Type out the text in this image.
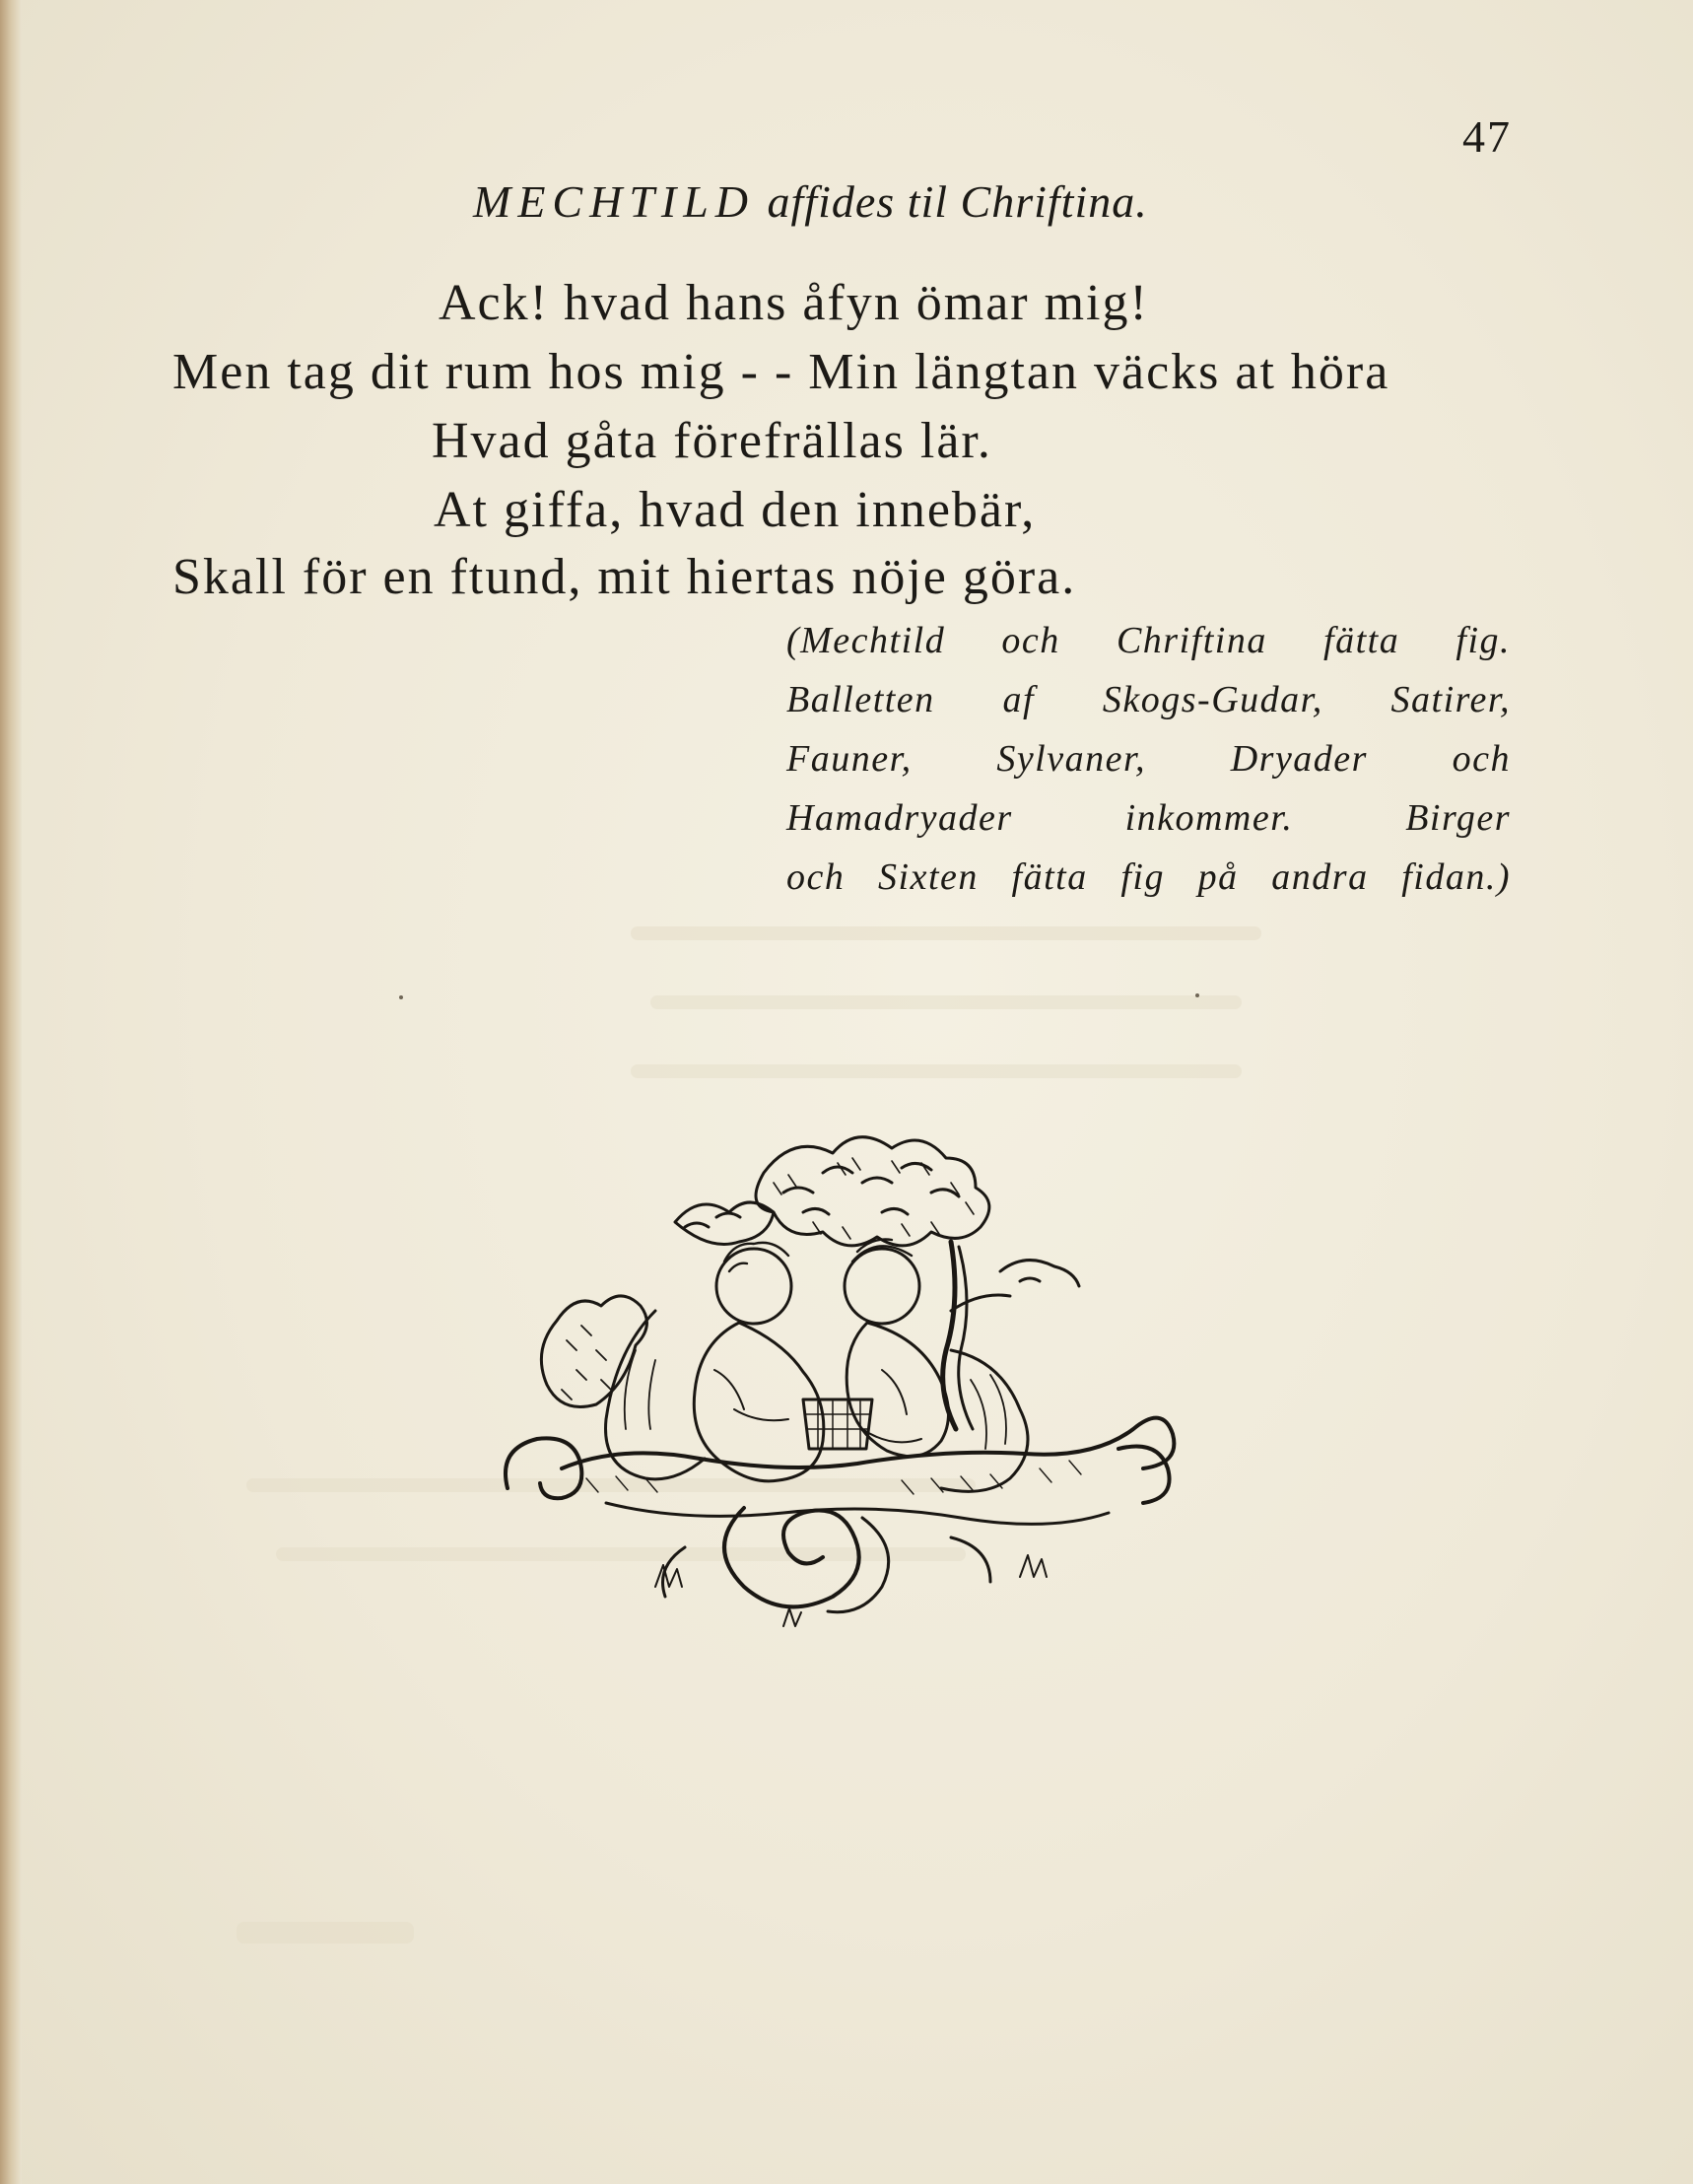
47
MECHTILD affides til Chriftina.
Ack! hvad hans åfyn ömar mig!
Men tag dit rum hos mig - - Min längtan väcks at höra
Hvad gåta förefrällas lär.
At giffa, hvad den innebär,
Skall för en ftund, mit hiertas nöje göra.
(Mechtild och Chriftina fätta fig.
Balletten af Skogs-Gudar, Satirer,
Fauner, Sylvaner, Dryader och
Hamadryader inkommer. Birger
och Sixten fätta fig på andra fidan.)
